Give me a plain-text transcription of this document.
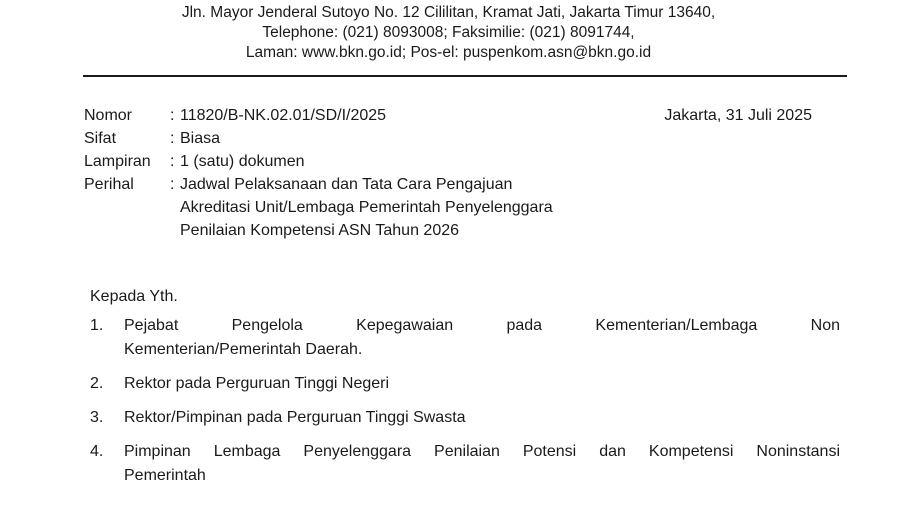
Jln. Mayor Jenderal Sutoyo No. 12 Cililitan, Kramat Jati, Jakarta Timur 13640,
Telephone: (021) 8093008; Faksimilie: (021) 8091744,
Laman: www.bkn.go.id; Pos-el: puspenkom.asn@bkn.go.id
Nomor	: 11820/B-NK.02.01/SD/I/2025
Sifat	: Biasa
Lampiran	: 1 (satu) dokumen
Perihal	: Jadwal Pelaksanaan dan Tata Cara Pengajuan
Akreditasi Unit/Lembaga Pemerintah Penyelenggara
Penilaian Kompetensi ASN Tahun 2026
Jakarta, 31 Juli 2025
Kepada Yth.
1.	Pejabat Pengelola Kepegawaian pada Kementerian/Lembaga Non
Kementerian/Pemerintah Daerah.
2.	Rektor pada Perguruan Tinggi Negeri
3.	Rektor/Pimpinan pada Perguruan Tinggi Swasta
4.	Pimpinan Lembaga Penyelenggara Penilaian Potensi dan Kompetensi Noninstansi
Pemerintah
